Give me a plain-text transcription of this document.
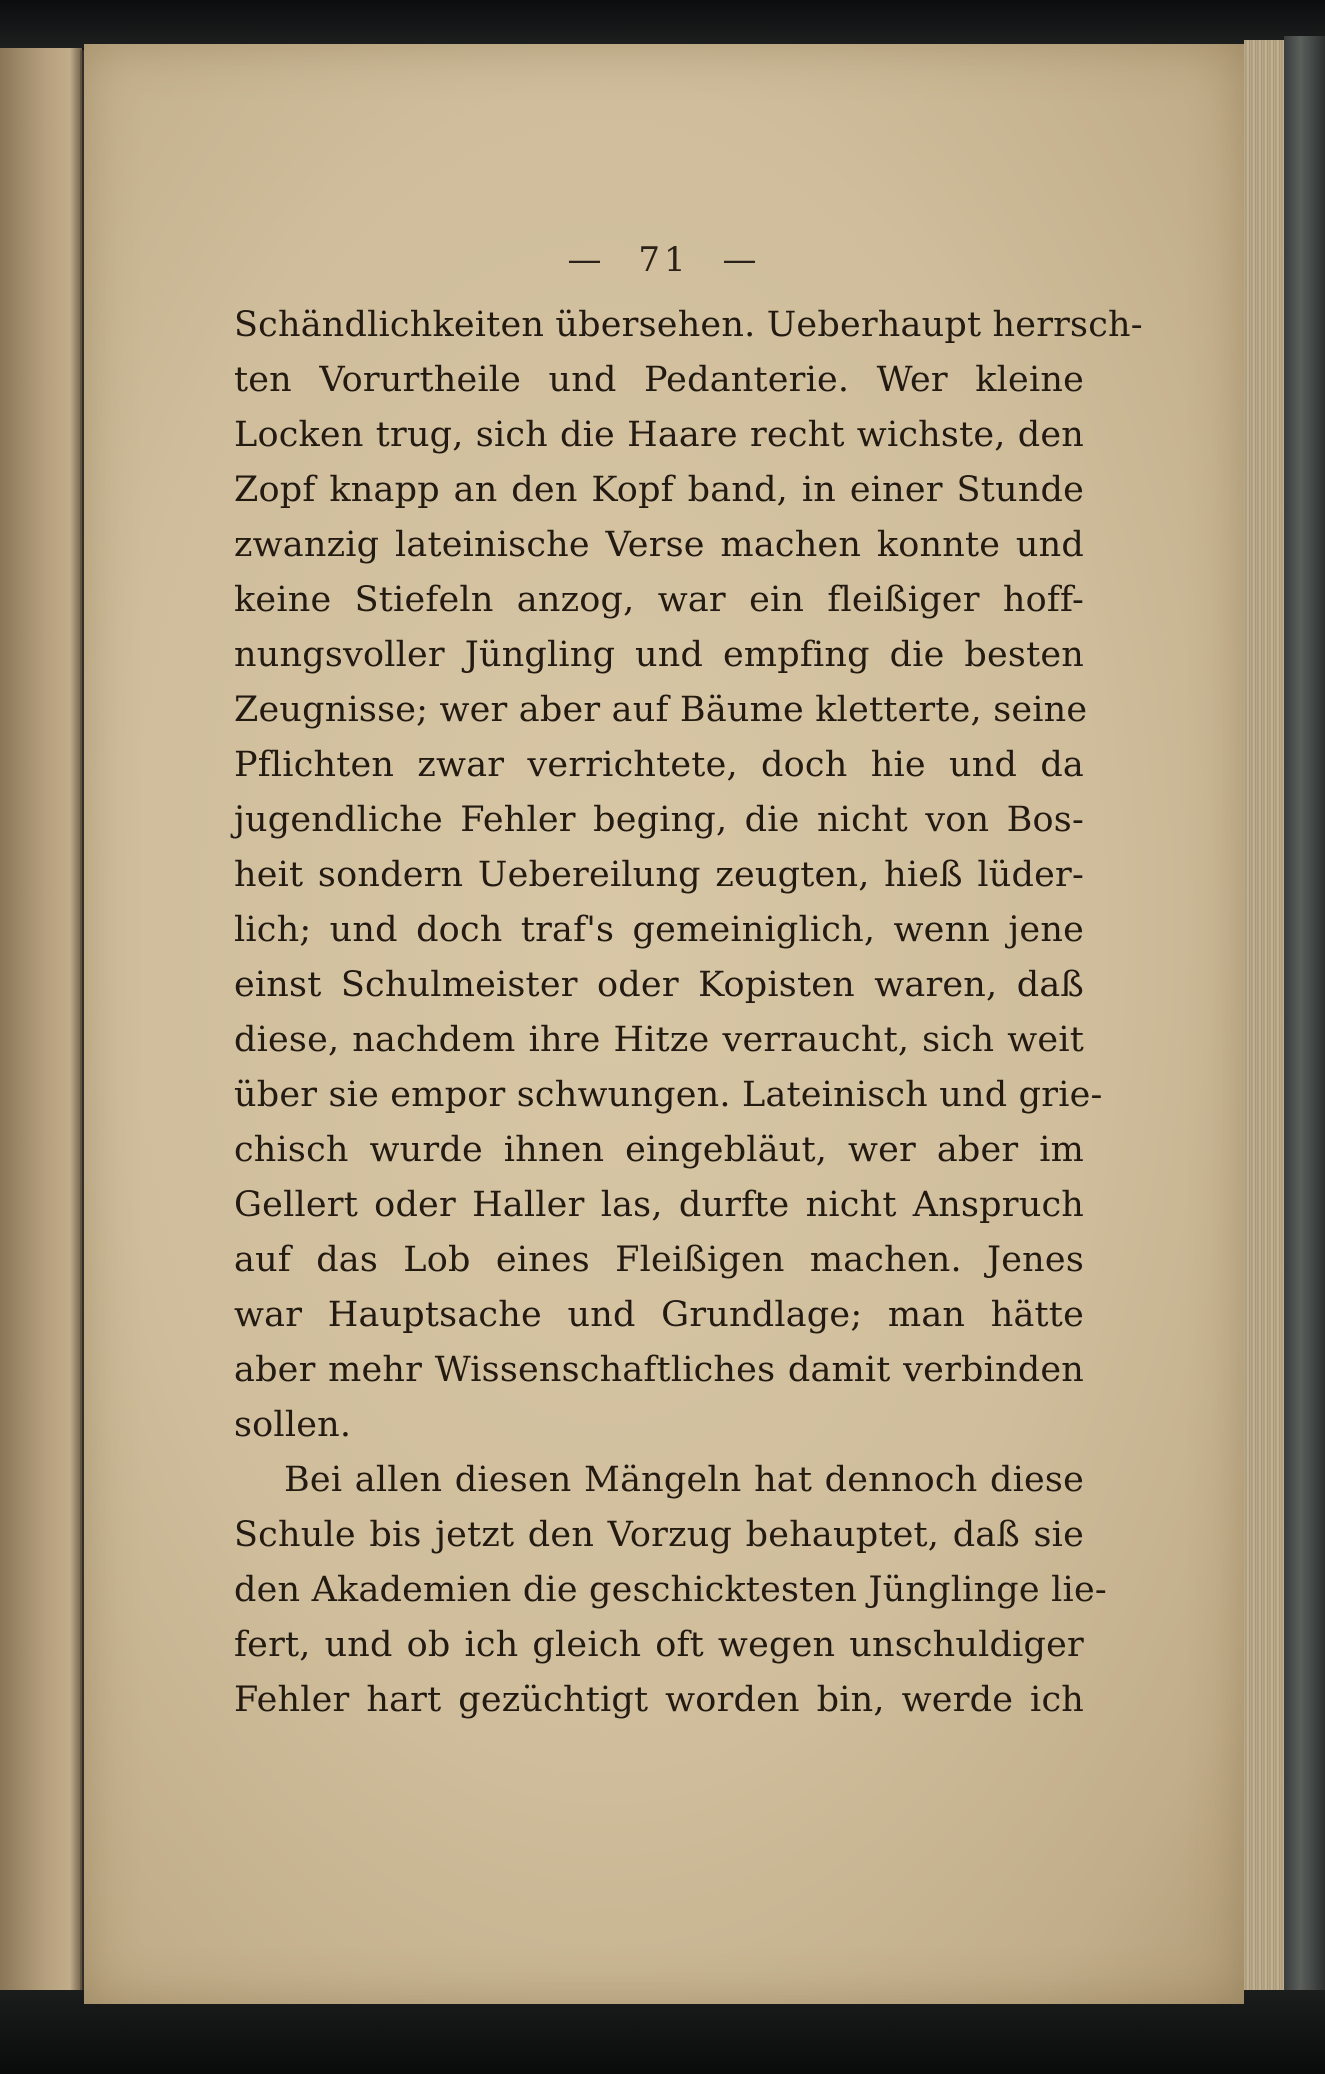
— 71 —
Schändlichkeiten übersehen. Ueberhaupt herrsch-
ten Vorurtheile und Pedanterie. Wer kleine
Locken trug, sich die Haare recht wichste, den
Zopf knapp an den Kopf band, in einer Stunde
zwanzig lateinische Verse machen konnte und
keine Stiefeln anzog, war ein fleißiger hoff-
nungsvoller Jüngling und empfing die besten
Zeugnisse; wer aber auf Bäume kletterte, seine
Pflichten zwar verrichtete, doch hie und da
jugendliche Fehler beging, die nicht von Bos-
heit sondern Uebereilung zeugten, hieß lüder-
lich; und doch traf's gemeiniglich, wenn jene
einst Schulmeister oder Kopisten waren, daß
diese, nachdem ihre Hitze verraucht, sich weit
über sie empor schwungen. Lateinisch und grie-
chisch wurde ihnen eingebläut, wer aber im
Gellert oder Haller las, durfte nicht Anspruch
auf das Lob eines Fleißigen machen. Jenes
war Hauptsache und Grundlage; man hätte
aber mehr Wissenschaftliches damit verbinden
sollen.
Bei allen diesen Mängeln hat dennoch diese
Schule bis jetzt den Vorzug behauptet, daß sie
den Akademien die geschicktesten Jünglinge lie-
fert, und ob ich gleich oft wegen unschuldiger
Fehler hart gezüchtigt worden bin, werde ich
